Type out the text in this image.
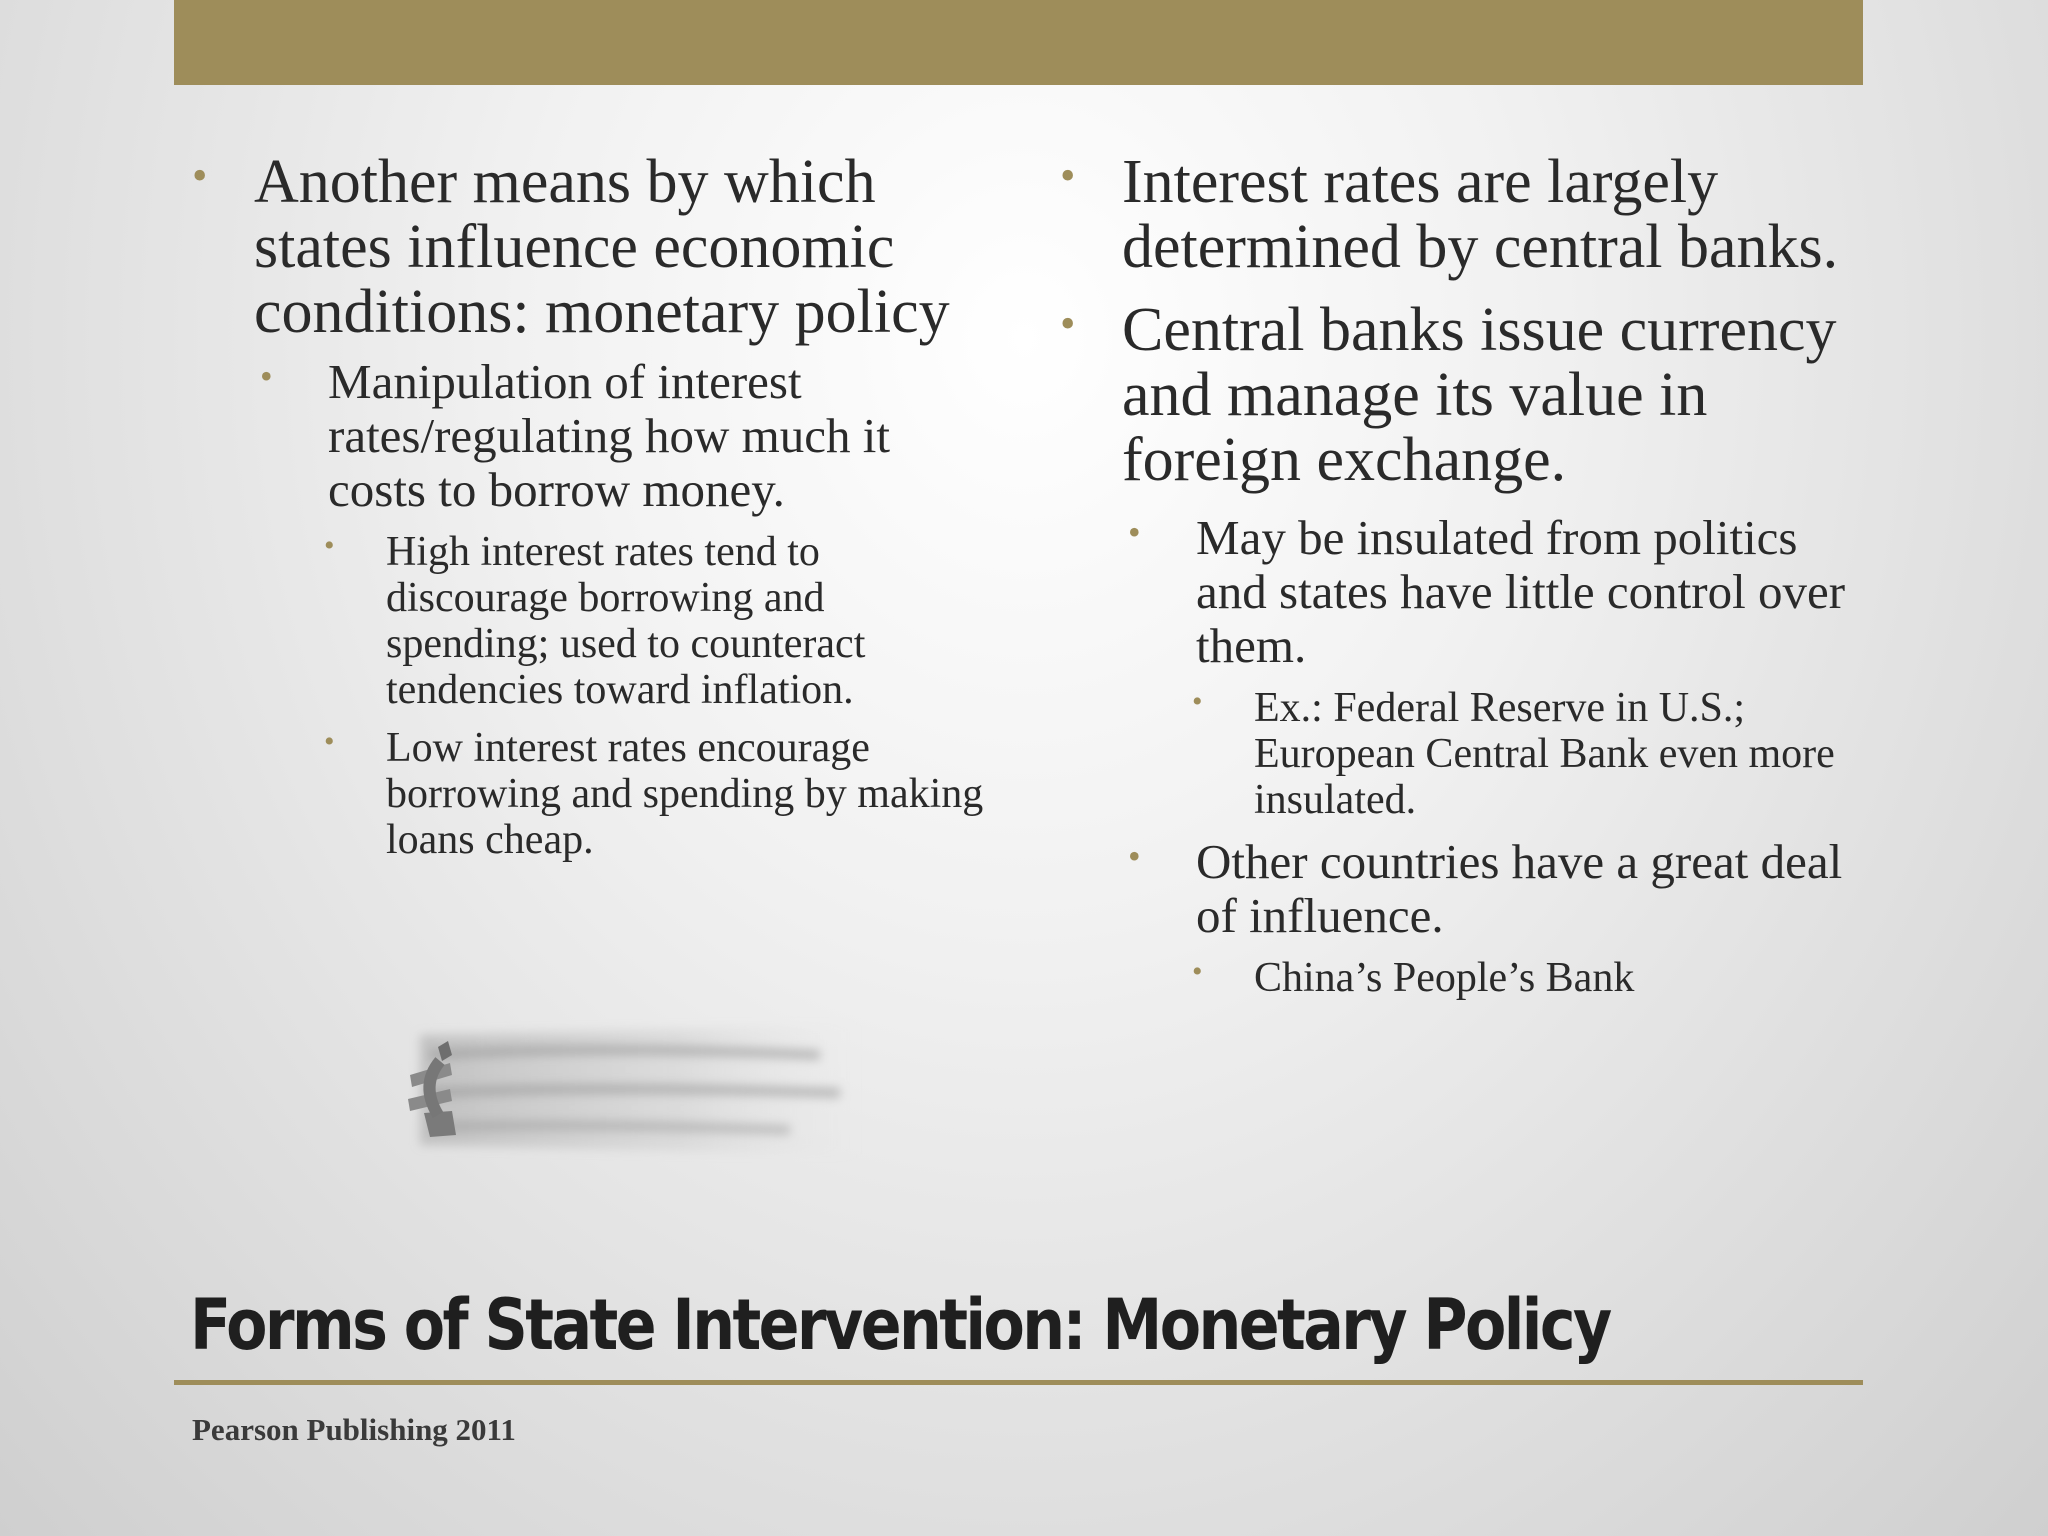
• Another means by which states influence economic conditions: monetary policy
• Manipulation of interest rates/regulating how much it costs to borrow money.
• High interest rates tend to discourage borrowing and spending; used to counteract tendencies toward inflation.
• Low interest rates encourage borrowing and spending by making loans cheap.
• Interest rates are largely determined by central banks.
• Central banks issue currency and manage its value in foreign exchange.
• May be insulated from politics and states have little control over them.
• Ex.: Federal Reserve in U.S.; European Central Bank even more insulated.
• Other countries have a great deal of influence.
• China’s People’s Bank
Forms of State Intervention: Monetary Policy
Pearson Publishing 2011
